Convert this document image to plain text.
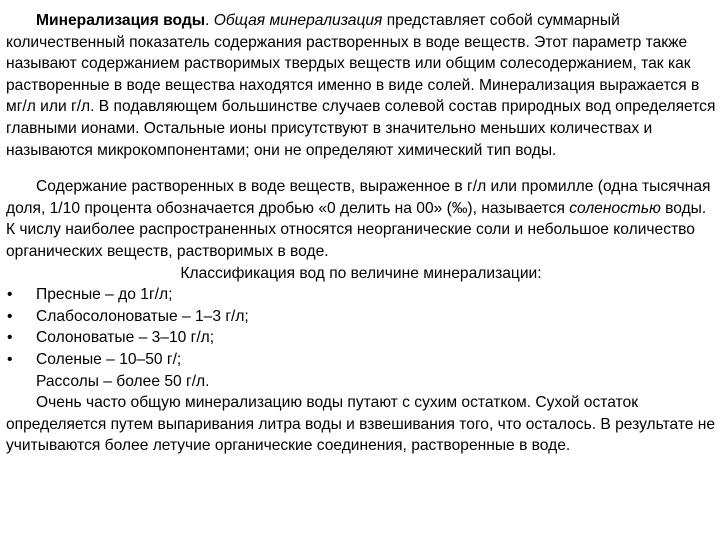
Минерализация воды. Общая минерализация представляет собой суммарный количественный показатель содержания растворенных в воде веществ. Этот параметр также называют содержанием растворимых твердых веществ или общим солесодержанием, так как растворенные в воде вещества находятся именно в виде солей. Минерализация выражается в мг/л или г/л. В подавляющем большинстве случаев солевой состав природных вод определяется главными ионами. Остальные ионы присутствуют в значительно меньших количествах и называются микрокомпонентами; они не определяют химический тип воды.

Содержание растворенных в воде веществ, выраженное в г/л или промилле (одна тысячная доля, 1/10 процента обозначается дробью «0 делить на 00» (‰), называется соленостью воды. К числу наиболее распространенных относятся неорганические соли и небольшое количество органических веществ, растворимых в воде.

Классификация вод по величине минерализации:

• Пресные – до 1г/л;
• Слабосолоноватые – 1–3 г/л;
• Солоноватые – 3–10 г/л;
• Соленые – 10–50 г/;

Рассолы – более 50 г/л.

Очень часто общую минерализацию воды путают с сухим остатком. Сухой остаток определяется путем выпаривания литра воды и взвешивания того, что осталось. В результате не учитываются более летучие органические соединения, растворенные в воде.
